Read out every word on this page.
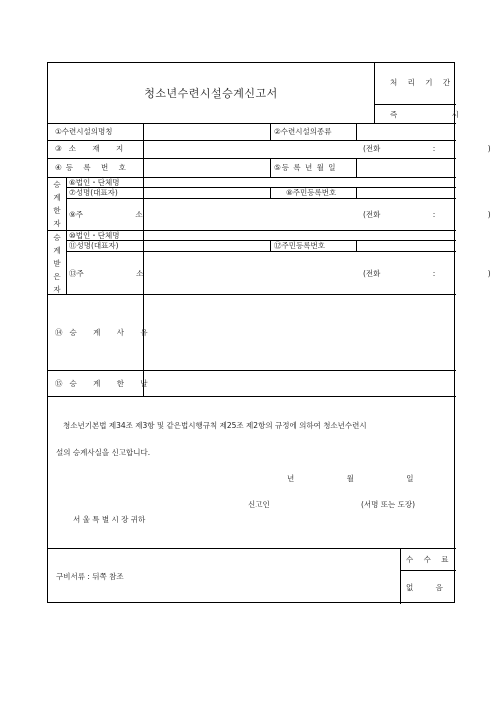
청소년수련시설승계신고서
처 리 기 간
즉 시
①수련시설의명칭	②수련시설의종류
③소 재 지	(전화 : )
④등 록 번 호	⑤등 록 년 월 일
승계한자
⑥법인・단체명
⑦성명(대표자)	⑧주민등록번호
⑨주 소	(전화 : )
승계받은자
⑩법인・단체명
⑪성명(대표자)	⑫주민등록번호
⑬주 소	(전화 : )
⑭승 계 사 유
⑮승 계 한 날
청소년기본법 제34조 제3항 및 같은법시행규칙 제25조 제2항의 규정에 의하여 청소년수련시
설의 승계사실을 신고합니다.
년 월 일
신고인	(서명 또는 도장)
서 울 특 별 시 장 귀하
구비서류 : 뒤쪽 참조
수 수 료
없 음
